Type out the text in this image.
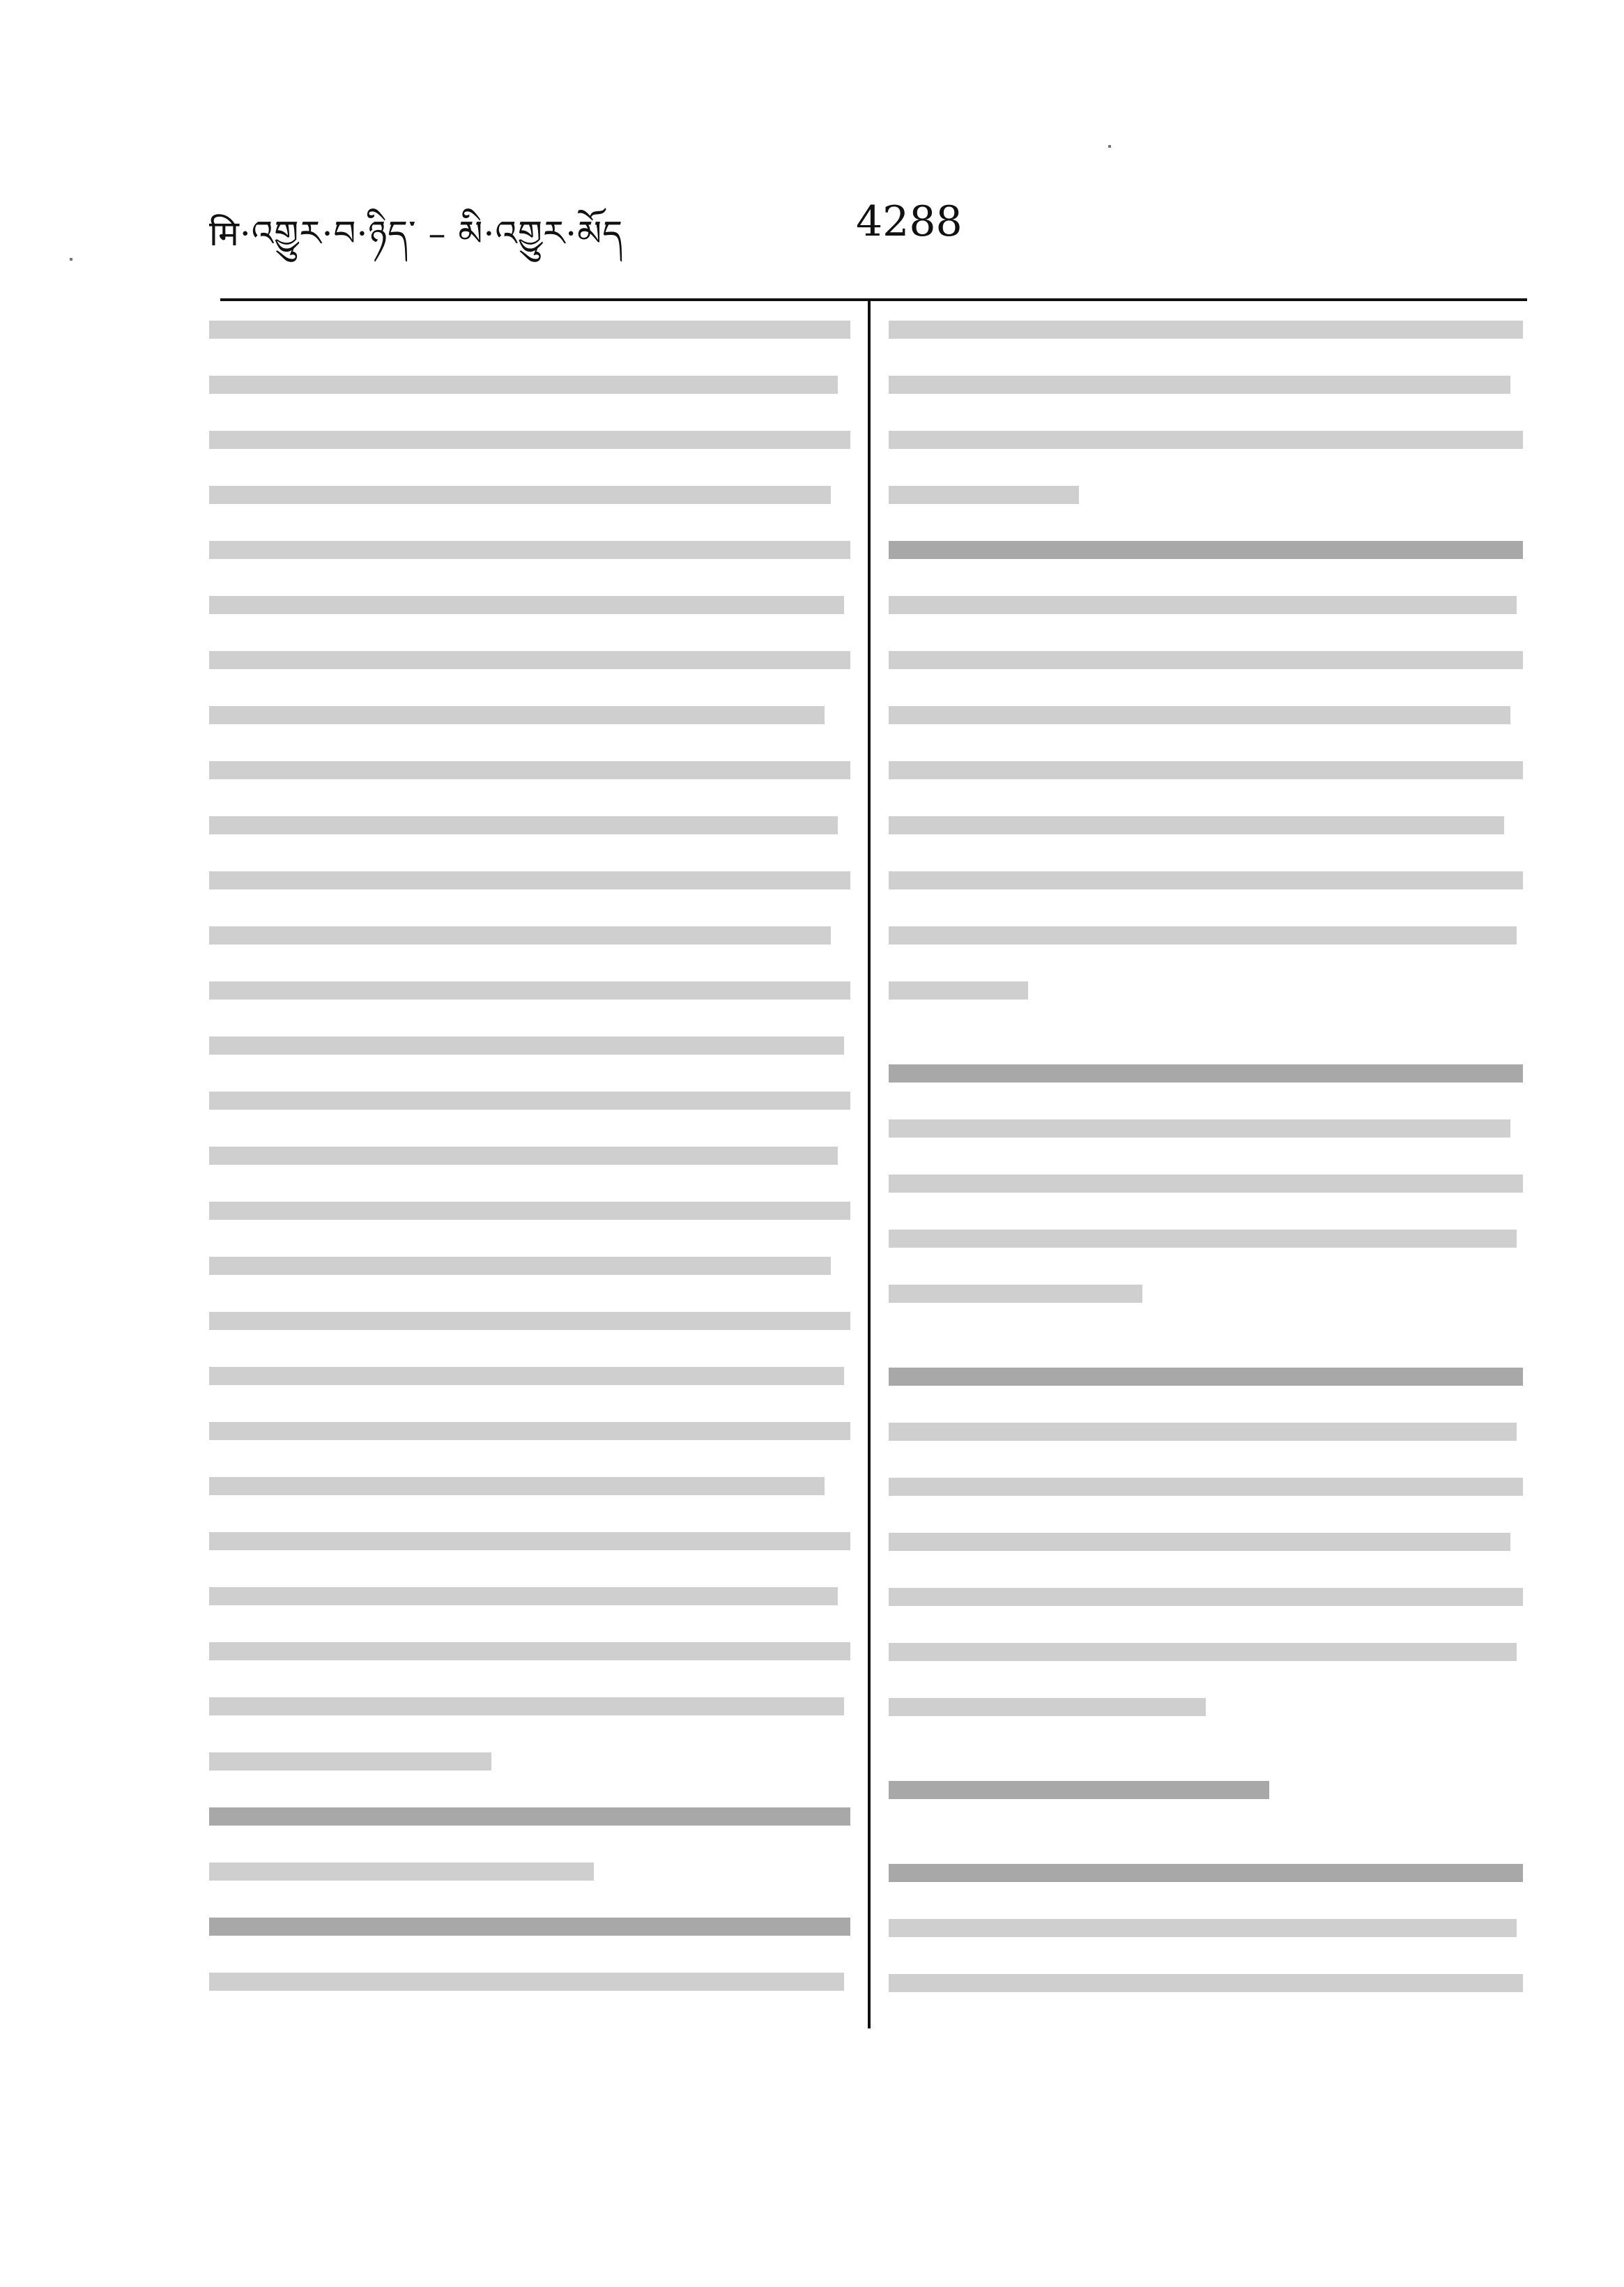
मि·འགྱུར·བ·ཉིད་ – མི·འགྱུར·མོད	4288
